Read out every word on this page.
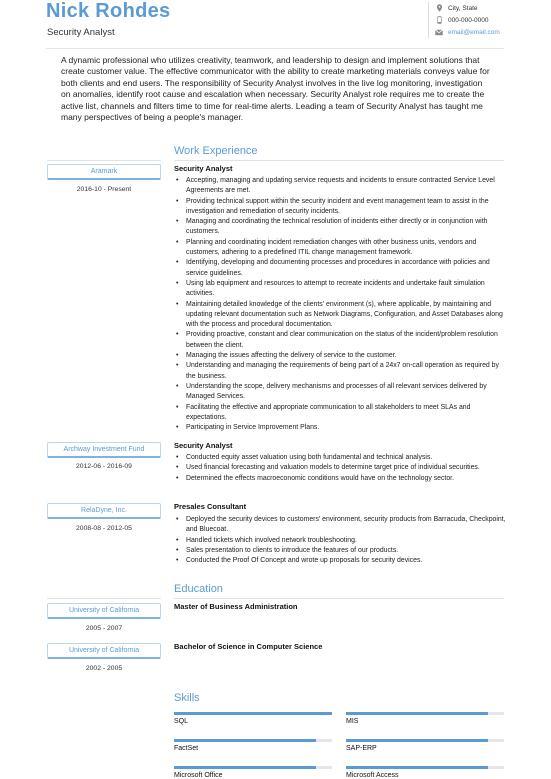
Nick Rohdes
Security Analyst
City, State
000-000-0000
email@email.com
A dynamic professional who utilizes creativity, teamwork, and leadership to design and implement solutions that create customer value. The effective communicator with the ability to create marketing materials conveys value for both clients and end users. The responsibility of Security Analyst involves in the live log monitoring, investigation on anomalies, identify root cause and escalation when necessary. Security Analyst role requires me to create the active list, channels and filters time to time for real-time alerts. Leading a team of Security Analyst has taught me many perspectives of being a people's manager.
Work Experience
Aramark
2016-10 - Present
Security Analyst
• Accepting, managing and updating service requests and incidents to ensure contracted Service Level Agreements are met.
• Providing technical support within the security incident and event management team to assist in the investigation and remediation of security incidents.
• Managing and coordinating the technical resolution of incidents either directly or in conjunction with customers.
• Planning and coordinating incident remediation changes with other business units, vendors and customers, adhering to a predefined ITIL change management framework.
• Identifying, developing and documenting processes and procedures in accordance with policies and service guidelines.
• Using lab equipment and resources to attempt to recreate incidents and undertake fault simulation activities.
• Maintaining detailed knowledge of the clients' environment (s), where applicable, by maintaining and updating relevant documentation such as Network Diagrams, Configuration, and Asset Databases along with the process and procedural documentation.
• Providing proactive, constant and clear communication on the status of the incident/problem resolution between the client.
• Managing the issues affecting the delivery of service to the customer.
• Understanding and managing the requirements of being part of a 24x7 on-call operation as required by the business.
• Understanding the scope, delivery mechanisms and processes of all relevant services delivered by Managed Services.
• Facilitating the effective and appropriate communication to all stakeholders to meet SLAs and expectations.
• Participating in Service Improvement Plans.
Archway Investment Fund
2012-06 - 2016-09
Security Analyst
• Conducted equity asset valuation using both fundamental and technical analysis.
• Used financial forecasting and valuation models to determine target price of individual securities.
• Determined the effects macroeconomic conditions would have on the technology sector.
RelaDyne, Inc.
2008-08 - 2012-05
Presales Consultant
• Deployed the security devices to customers' environment, security products from Barracuda, Checkpoint, and Bluecoat.
• Handled tickets which involved network troubleshooting.
• Sales presentation to clients to introduce the features of our products.
• Conducted the Proof Of Concept and wrote up proposals for security devices.
Education
University of California
2005 - 2007
Master of Business Administration
University of California
2002 - 2005
Bachelor of Science in Computer Science
Skills
SQL	MIS
FactSet	SAP-ERP
Microsoft Office	Microsoft Access
